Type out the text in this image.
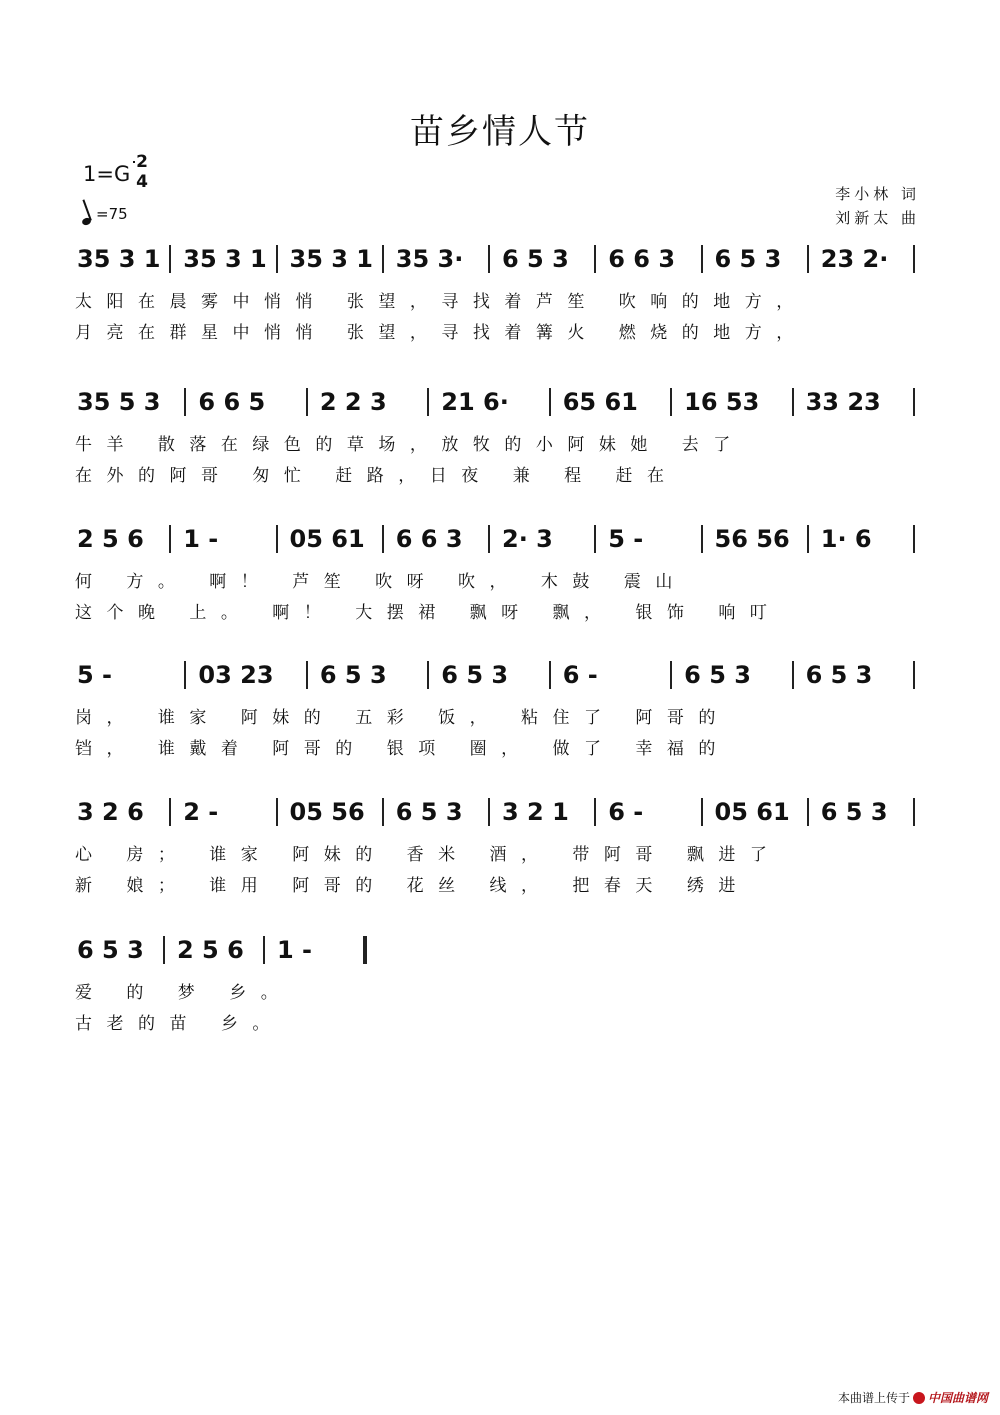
苗乡情人节
1=G 2
4
=75
李小林 词
刘新太 曲
35 3 1 35 3 1 35 3 1 35 3· 6 5 3 6 6 3 6 5 3 23 2·
太阳在晨雾中悄悄 张望，寻找着芦笙 吹响的地方，
月亮在群星中悄悄 张望，寻找着篝火 燃烧的地方，
35 5 3 6 6 5 2 2 3 21 6· 65 61 16 53 33 23
牛羊 散落在绿色的草场，放牧的小阿妹她 去了
在外的阿哥 匆忙 赶路，日夜 兼 程 赶在
2 5 6 1 -	05 61 6 6 3 2· 3 5 -	56 56 1· 6
何 方。 啊！ 芦笙 吹呀 吹， 木鼓 震山
这个晚 上。 啊！ 大摆裙 飘呀 飘， 银饰 响叮
5 -	03 23 6 5 3 6 5 3 6 -	6 5 3 6 5 3
岗， 谁家 阿妹的 五彩 饭， 粘住了 阿哥的
铛， 谁戴着 阿哥的 银项 圈， 做了 幸福的
3 2 6 2 -	05 56 6 5 3 3 2 1 6 -	05 61 6 5 3
心 房； 谁家 阿妹的 香米 酒， 带阿哥 飘进了
新 娘； 谁用 阿哥的 花丝 线， 把春天 绣进
6 5 3 2 5 6 1 -
爱 的 梦 乡。
古老的苗 乡。
本曲谱上传于 中国曲谱网
